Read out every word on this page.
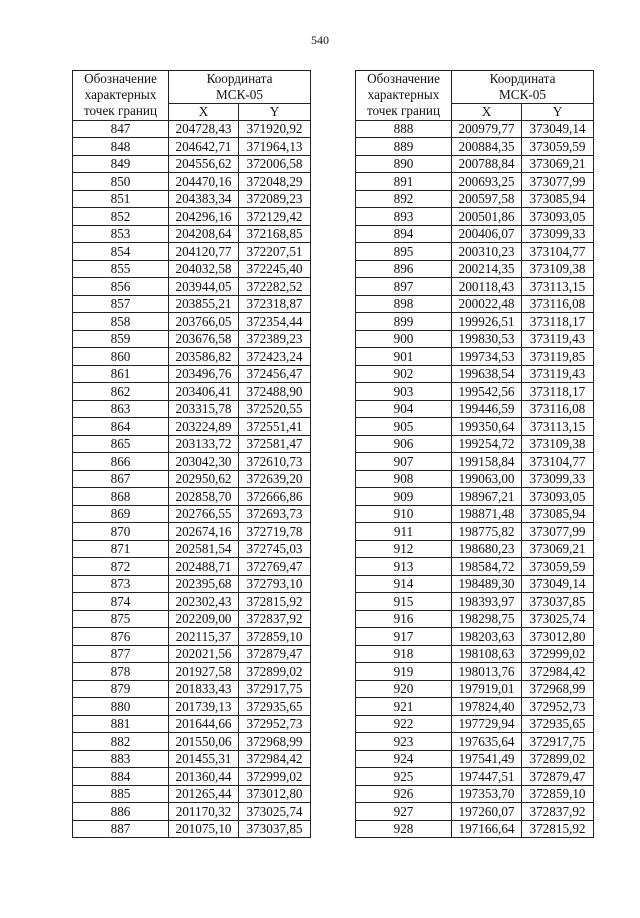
540
Обозначение
характерных
точек границ	Координата
МСК-05	

	X	Y
847	204728,43	371920,92
848	204642,71	371964,13
849	204556,62	372006,58
850	204470,16	372048,29
851	204383,34	372089,23
852	204296,16	372129,42
853	204208,64	372168,85
854	204120,77	372207,51
855	204032,58	372245,40
856	203944,05	372282,52
857	203855,21	372318,87
858	203766,05	372354,44
859	203676,58	372389,23
860	203586,82	372423,24
861	203496,76	372456,47
862	203406,41	372488,90
863	203315,78	372520,55
864	203224,89	372551,41
865	203133,72	372581,47
866	203042,30	372610,73
867	202950,62	372639,20
868	202858,70	372666,86
869	202766,55	372693,73
870	202674,16	372719,78
871	202581,54	372745,03
872	202488,71	372769,47
873	202395,68	372793,10
874	202302,43	372815,92
875	202209,00	372837,92
876	202115,37	372859,10
877	202021,56	372879,47
878	201927,58	372899,02
879	201833,43	372917,75
880	201739,13	372935,65
881	201644,66	372952,73
882	201550,06	372968,99
883	201455,31	372984,42
884	201360,44	372999,02
885	201265,44	373012,80
886	201170,32	373025,74
887	201075,10	373037,85
Обозначение
характерных
точек границ	Координата
МСК-05	

	X	Y
888	200979,77	373049,14
889	200884,35	373059,59
890	200788,84	373069,21
891	200693,25	373077,99
892	200597,58	373085,94
893	200501,86	373093,05
894	200406,07	373099,33
895	200310,23	373104,77
896	200214,35	373109,38
897	200118,43	373113,15
898	200022,48	373116,08
899	199926,51	373118,17
900	199830,53	373119,43
901	199734,53	373119,85
902	199638,54	373119,43
903	199542,56	373118,17
904	199446,59	373116,08
905	199350,64	373113,15
906	199254,72	373109,38
907	199158,84	373104,77
908	199063,00	373099,33
909	198967,21	373093,05
910	198871,48	373085,94
911	198775,82	373077,99
912	198680,23	373069,21
913	198584,72	373059,59
914	198489,30	373049,14
915	198393,97	373037,85
916	198298,75	373025,74
917	198203,63	373012,80
918	198108,63	372999,02
919	198013,76	372984,42
920	197919,01	372968,99
921	197824,40	372952,73
922	197729,94	372935,65
923	197635,64	372917,75
924	197541,49	372899,02
925	197447,51	372879,47
926	197353,70	372859,10
927	197260,07	372837,92
928	197166,64	372815,92
